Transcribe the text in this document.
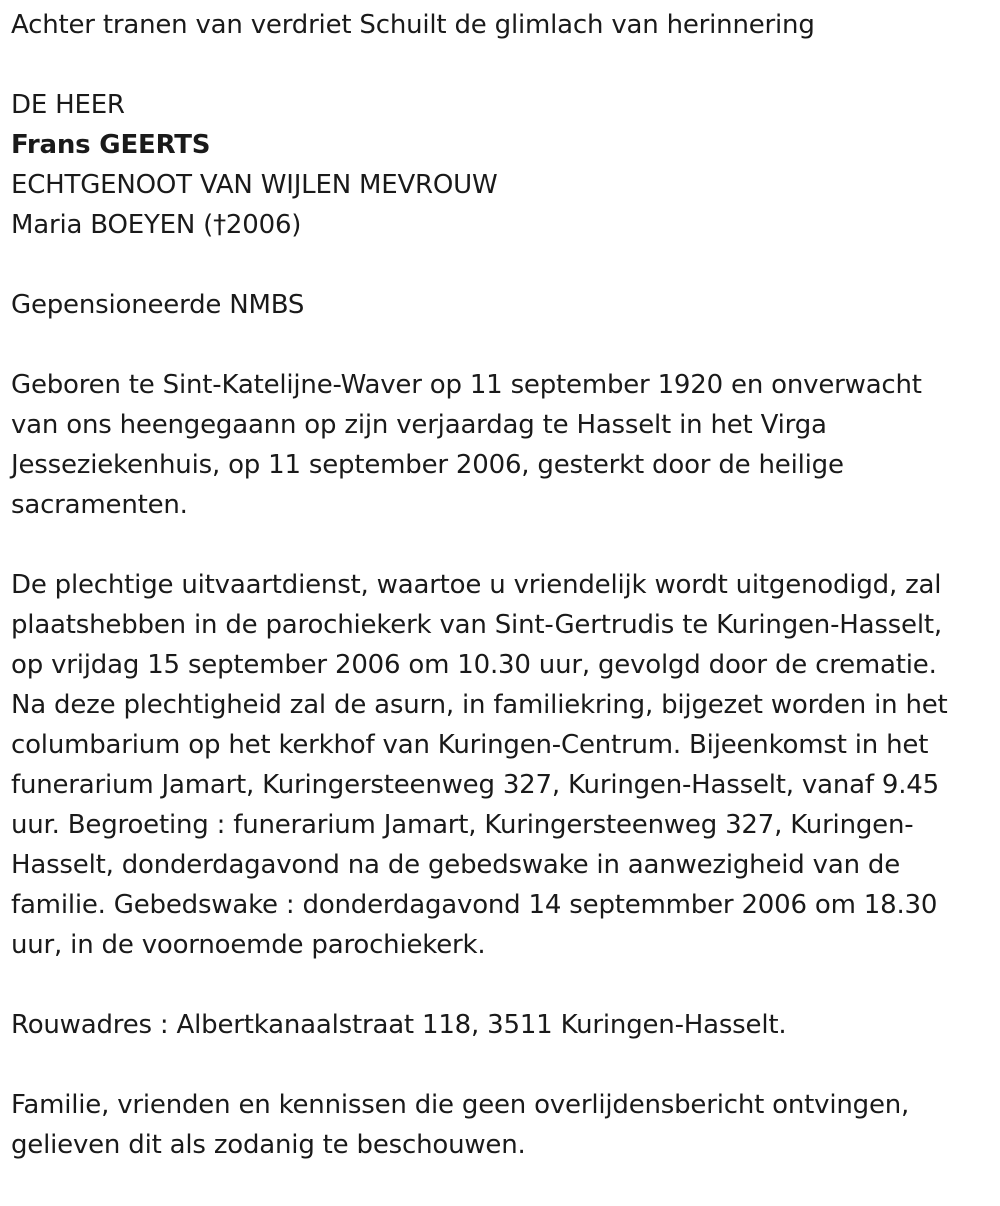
Achter tranen van verdriet Schuilt de glimlach van herinnering

DE HEER

Frans GEERTS

ECHTGENOOT VAN WIJLEN MEVROUW

Maria BOEYEN (†2006)

Gepensioneerde NMBS

Geboren te Sint-Katelijne-Waver op 11 september 1920 en onverwacht
van ons heengegaann op zijn verjaardag te Hasselt in het Virga
Jesseziekenhuis, op 11 september 2006, gesterkt door de heilige
sacramenten.

De plechtige uitvaartdienst, waartoe u vriendelijk wordt uitgenodigd, zal
plaatshebben in de parochiekerk van Sint-Gertrudis te Kuringen-Hasselt,
op vrijdag 15 september 2006 om 10.30 uur, gevolgd door de crematie.
Na deze plechtigheid zal de asurn, in familiekring, bijgezet worden in het
columbarium op het kerkhof van Kuringen-Centrum. Bijeenkomst in het
funerarium Jamart, Kuringersteenweg 327, Kuringen-Hasselt, vanaf 9.45
uur. Begroeting : funerarium Jamart, Kuringersteenweg 327, Kuringen-
Hasselt, donderdagavond na de gebedswake in aanwezigheid van de
familie. Gebedswake : donderdagavond 14 septemmber 2006 om 18.30
uur, in de voornoemde parochiekerk.

Rouwadres : Albertkanaalstraat 118, 3511 Kuringen-Hasselt.

Familie, vrienden en kennissen die geen overlijdensbericht ontvingen,
gelieven dit als zodanig te beschouwen.
